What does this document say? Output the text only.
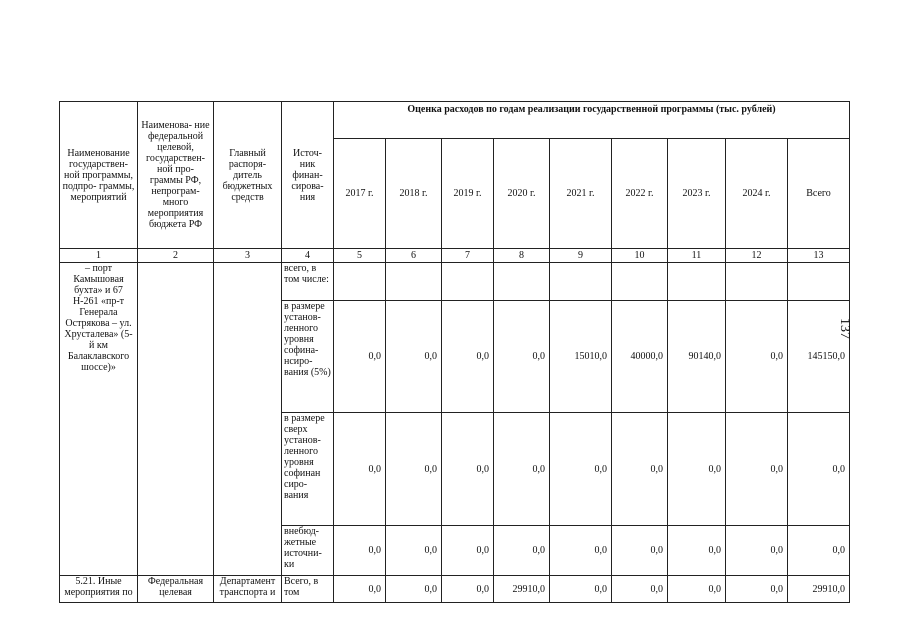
Наименование государствен- ной программы, подпро- граммы, мероприятий	Наименова- ние федеральной целевой, государствен- ной про- граммы РФ, непрограм- много мероприятия бюджета РФ	Главный распоря- дитель бюджетных средств	Источ- ник финан- сирова- ния	Оценка расходов по годам реализации государственной программы (тыс. рублей)								
				2017 г.	2018 г.	2019 г.	2020 г.	2021 г.	2022 г.	2023 г.	2024 г.	Всего
1	2	3	4	5	6	7	8	9	10	11	12	13
– порт Камышовая бухта» и 67 Н-261 «пр-т Генерала Острякова – ул. Хрусталева» (5-й км Балаклавского шоссе)»			всего, в том числе:									
			в размере установ- ленного уровня софина- нсиро- вания (5%)	0,0	0,0	0,0	0,0	15010,0	40000,0	90140,0	0,0	145150,0
			в размере сверх установ- ленного уровня софинан сиро- вания	0,0	0,0	0,0	0,0	0,0	0,0	0,0	0,0	0,0
			внебюд- жетные источни- ки	0,0	0,0	0,0	0,0	0,0	0,0	0,0	0,0	0,0
5.21. Иные мероприятия по	Федеральная целевая	Департамент транспорта и	Всего, в том	0,0	0,0	0,0	29910,0	0,0	0,0	0,0	0,0	29910,0
137
